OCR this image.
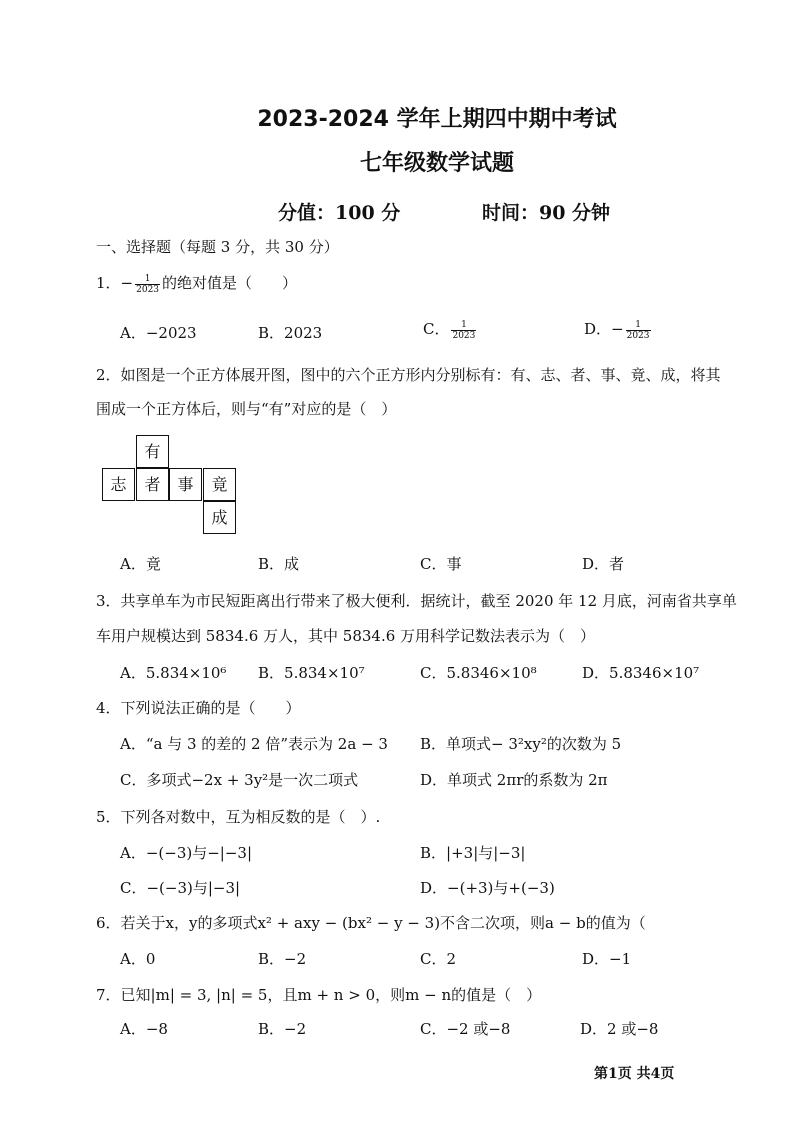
2023-2024 学年上期四中期中考试
七年级数学试题
分值：100 分	时间：90 分钟
一、选择题（每题 3 分，共 30 分）
1．− $\frac{1}{2023}$ 的绝对值是（　　）
A．−2023	B．2023	C． $\frac{1}{2023}$	D．− $\frac{1}{2023}$
2．如图是一个正方体展开图，图中的六个正方形内分别标有：有、志、者、事、竟、成，将其
围成一个正方体后，则与“有”对应的是（　）
有
志	者	事	竟
成
A．竟	B．成	C．事	D．者
3．共享单车为市民短距离出行带来了极大便利．据统计，截至 2020 年 12 月底，河南省共享单
车用户规模达到 5834.6 万人，其中 5834.6 万用科学记数法表示为（　）
A．5.834×10⁶ B．5.834×10⁷	C．5.8346×10⁸	D．5.8346×10⁷
4．下列说法正确的是（　　）
A．“a 与 3 的差的 2 倍”表示为 2a − 3 B．单项式− 3²xy²的次数为 5
C．多项式−2x + 3y²是一次二项式	D．单项式 2πr的系数为 2π
5．下列各对数中，互为相反数的是（　）.
A．−(−3)与−|−3|	B．|+3|与|−3|
C．−(−3)与|−3|	D．−(+3)与+(−3)
6．若关于x，y的多项式x² + axy − (bx² − y − 3)不含二次项，则a − b的值为（
A．0	B．−2	C．2	D．−1
7．已知|m| = 3, |n| = 5，且m + n > 0，则m − n的值是（　）
A．−8	B．−2	C．−2 或−8	D．2 或−8
第1页 共4页
